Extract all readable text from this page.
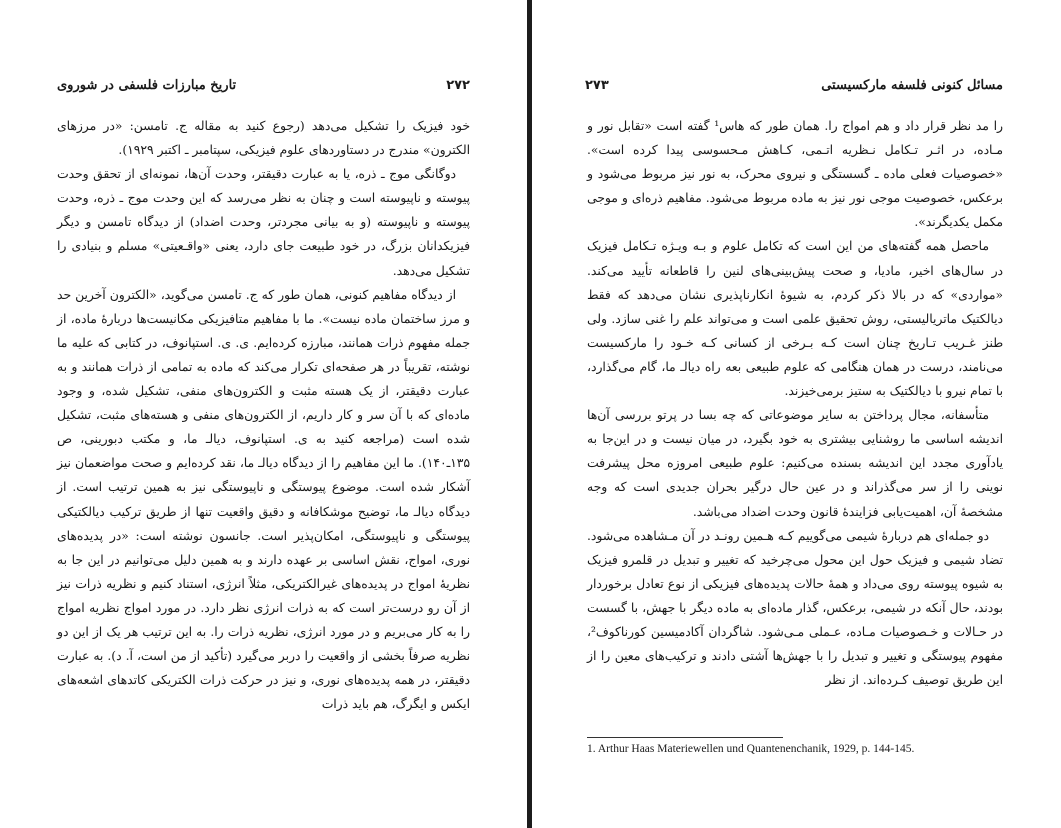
تاریخ مبارزات فلسفی در شوروی	۲۷۲

خود فیزیک را تشکیل می‌دهد (رجوع کنید به مقاله ج. تامسن: «در مرزهای الکترون» مندرج در دستاوردهای علوم فیزیکی، سپتامبر ـ اکتبر ۱۹۲۹).

دوگانگی موج ـ ذره، یا به عبارت دقیقتر، وحدت آن‌ها، نمونه‌ای از تحقق وحدت پیوسته و ناپیوسته است و چنان به نظر می‌رسد که این وحدت موج ـ ذره، وحدت پیوسته و ناپیوسته (و به بیانی مجردتر، وحدت اضداد) از دیدگاه تامسن و دیگر فیزیکدانان بزرگ، در خود طبیعت جای دارد، یعنی «واقـعیتی» مسلم و بنیادی را تشکیل می‌دهد.

از دیدگاه مفاهیم کنونی، همان طور که ج. تامسن می‌گوید، «الکترون آخرین حد و مرز ساختمان ماده نیست». ما با مفاهیم متافیزیکی مکانیست‌ها دربارهٔ ماده، از جمله مفهوم ذرات همانند، مبارزه کرده‌ایم. ی. ی. استپانوف، در کتابی که علیه ما نوشته، تقریباً در هر صفحه‌ای تکرار می‌کند که ماده به تمامی از ذرات همانند و به عبارت دقیقتر، از یک هسته مثبت و الکترون‌های منفی، تشکیل شده، و وجود ماده‌ای که با آن سر و کار داریم، از الکترون‌های منفی و هسته‌های مثبت، تشکیل شده است (مراجعه کنید به ی. استپانوف، دیالـ ما، و مکتب دبورینی، ص ۱۳۵ـ۱۴۰). ما این مفاهیم را از دیدگاه دیالـ ما، نقد کرده‌ایم و صحت مواضعمان نیز آشکار شده است. موضوع پیوستگی و ناپیوستگی نیز به همین ترتیب است. از دیدگاه دیالـ ما، توضیح موشکافانه و دقیق واقعیت تنها از طریق ترکیب دیالکتیکی پیوستگی و ناپیوستگی، امکان‌پذیر است. جانسون نوشته است: «در پدیده‌های نوری، امواج، نقش اساسی بر عهده دارند و به همین دلیل می‌توانیم در این جا به نظریهٔ امواج در پدیده‌های غیرالکتریکی، مثلاً انرژی، استناد کنیم و نظریه ذرات نیز از آن رو درست‌تر است که به ذرات انرژی نظر دارد. در مورد امواج نظریه امواج را به کار می‌بریم و در مورد انرژی، نظریه ذرات را. به این ترتیب هر یک از این دو نظریه صرفاً بخشی از واقعیت را دربر می‌گیرد (تأکید از من است، آ. د). به عبارت دقیقتر، در همه پدیده‌های نوری، و نیز در حرکت ذرات الکتریکی کاتدهای اشعه‌های ایکس و ایگرگ، هم باید ذرات

مسائل کنونی فلسفه مارکسیستی
۲۷۳

را مد نظر قرار داد و هم امواج را. همان طور که هاس¹ گفته است «تقابل نور و مـاده، در اثـر تـکامل نـظریه اتـمی، کـاهش مـحسوسی پیدا کرده است». «خصوصیات فعلی ماده ـ گسستگی و نیروی محرک، به نور نیز مربوط می‌شود و برعکس، خصوصیت موجی نور نیز به ماده مربوط می‌شود. مفاهیم ذره‌ای و موجی مکمل یکدیگرند».

ماحصل همه گفته‌های من این است که تکامل علوم و بـه ویـژه تـکامل فیزیک در سال‌های اخیر، مادیا، و صحت پیش‌بینی‌های لنین را قاطعانه تأیید می‌کند. «مواردی» که در بالا ذکر کردم، به شیوهٔ انکارناپذیری نشان می‌دهد که فقط دیالکتیک ماتریالیستی، روش تحقیق علمی است و می‌تواند علم را غنی سازد. ولی طنز غـریب تـاریخ چنان است کـه بـرخی از کسانی کـه خـود را مارکسیست می‌نامند، درست در همان هنگامی که علوم طبیعی بعه راه دیالـ ما، گام می‌گذارد، با تمام نیرو با دیالکتیک به ستیز برمی‌خیزند.

متأسفانه، مجال پرداختن به سایر موضوعاتی که چه بسا در پرتو بررسی آن‌ها اندیشه اساسی ما روشنایی بیشتری به خود بگیرد، در میان نیست و در این‌جا به یادآوری مجدد این اندیشه بسنده می‌کنیم: علوم طبیعی امروزه محل پیشرفت نوینی را از سر می‌گذراند و در عین حال درگیر بحران جدیدی است که وجه مشخصهٔ آن، اهمیت‌یابی فزایندهٔ قانون وحدت اضداد می‌باشد.

دو جمله‌ای هم دربارهٔ شیمی می‌گوییم کـه هـمین رونـد در آن مـشاهده می‌شود. تضاد شیمی و فیزیک حول این محول می‌چرخید که تغییر و تبدیل در قلمرو فیزیک به شیوه پیوسته روی می‌داد و همهٔ حالات پدیده‌های فیزیکی از نوع تعادل برخوردار بودند، حال آنکه در شیمی، برعکس، گذار ماده‌ای به ماده دیگر با جهش، با گسست در حـالات و خـصوصیات مـاده، عـملی مـی‌شود. شاگردان آکادمیسین کورناکوف²، مفهوم پیوستگی و تغییر و تبدیل را با جهش‌ها آشتی دادند و ترکیب‌های معین را از این طریق توصیف کـرده‌اند. از نظر

1. Arthur Haas Materiewellen und Quantenenchanik, 1929, p. 144-145.
